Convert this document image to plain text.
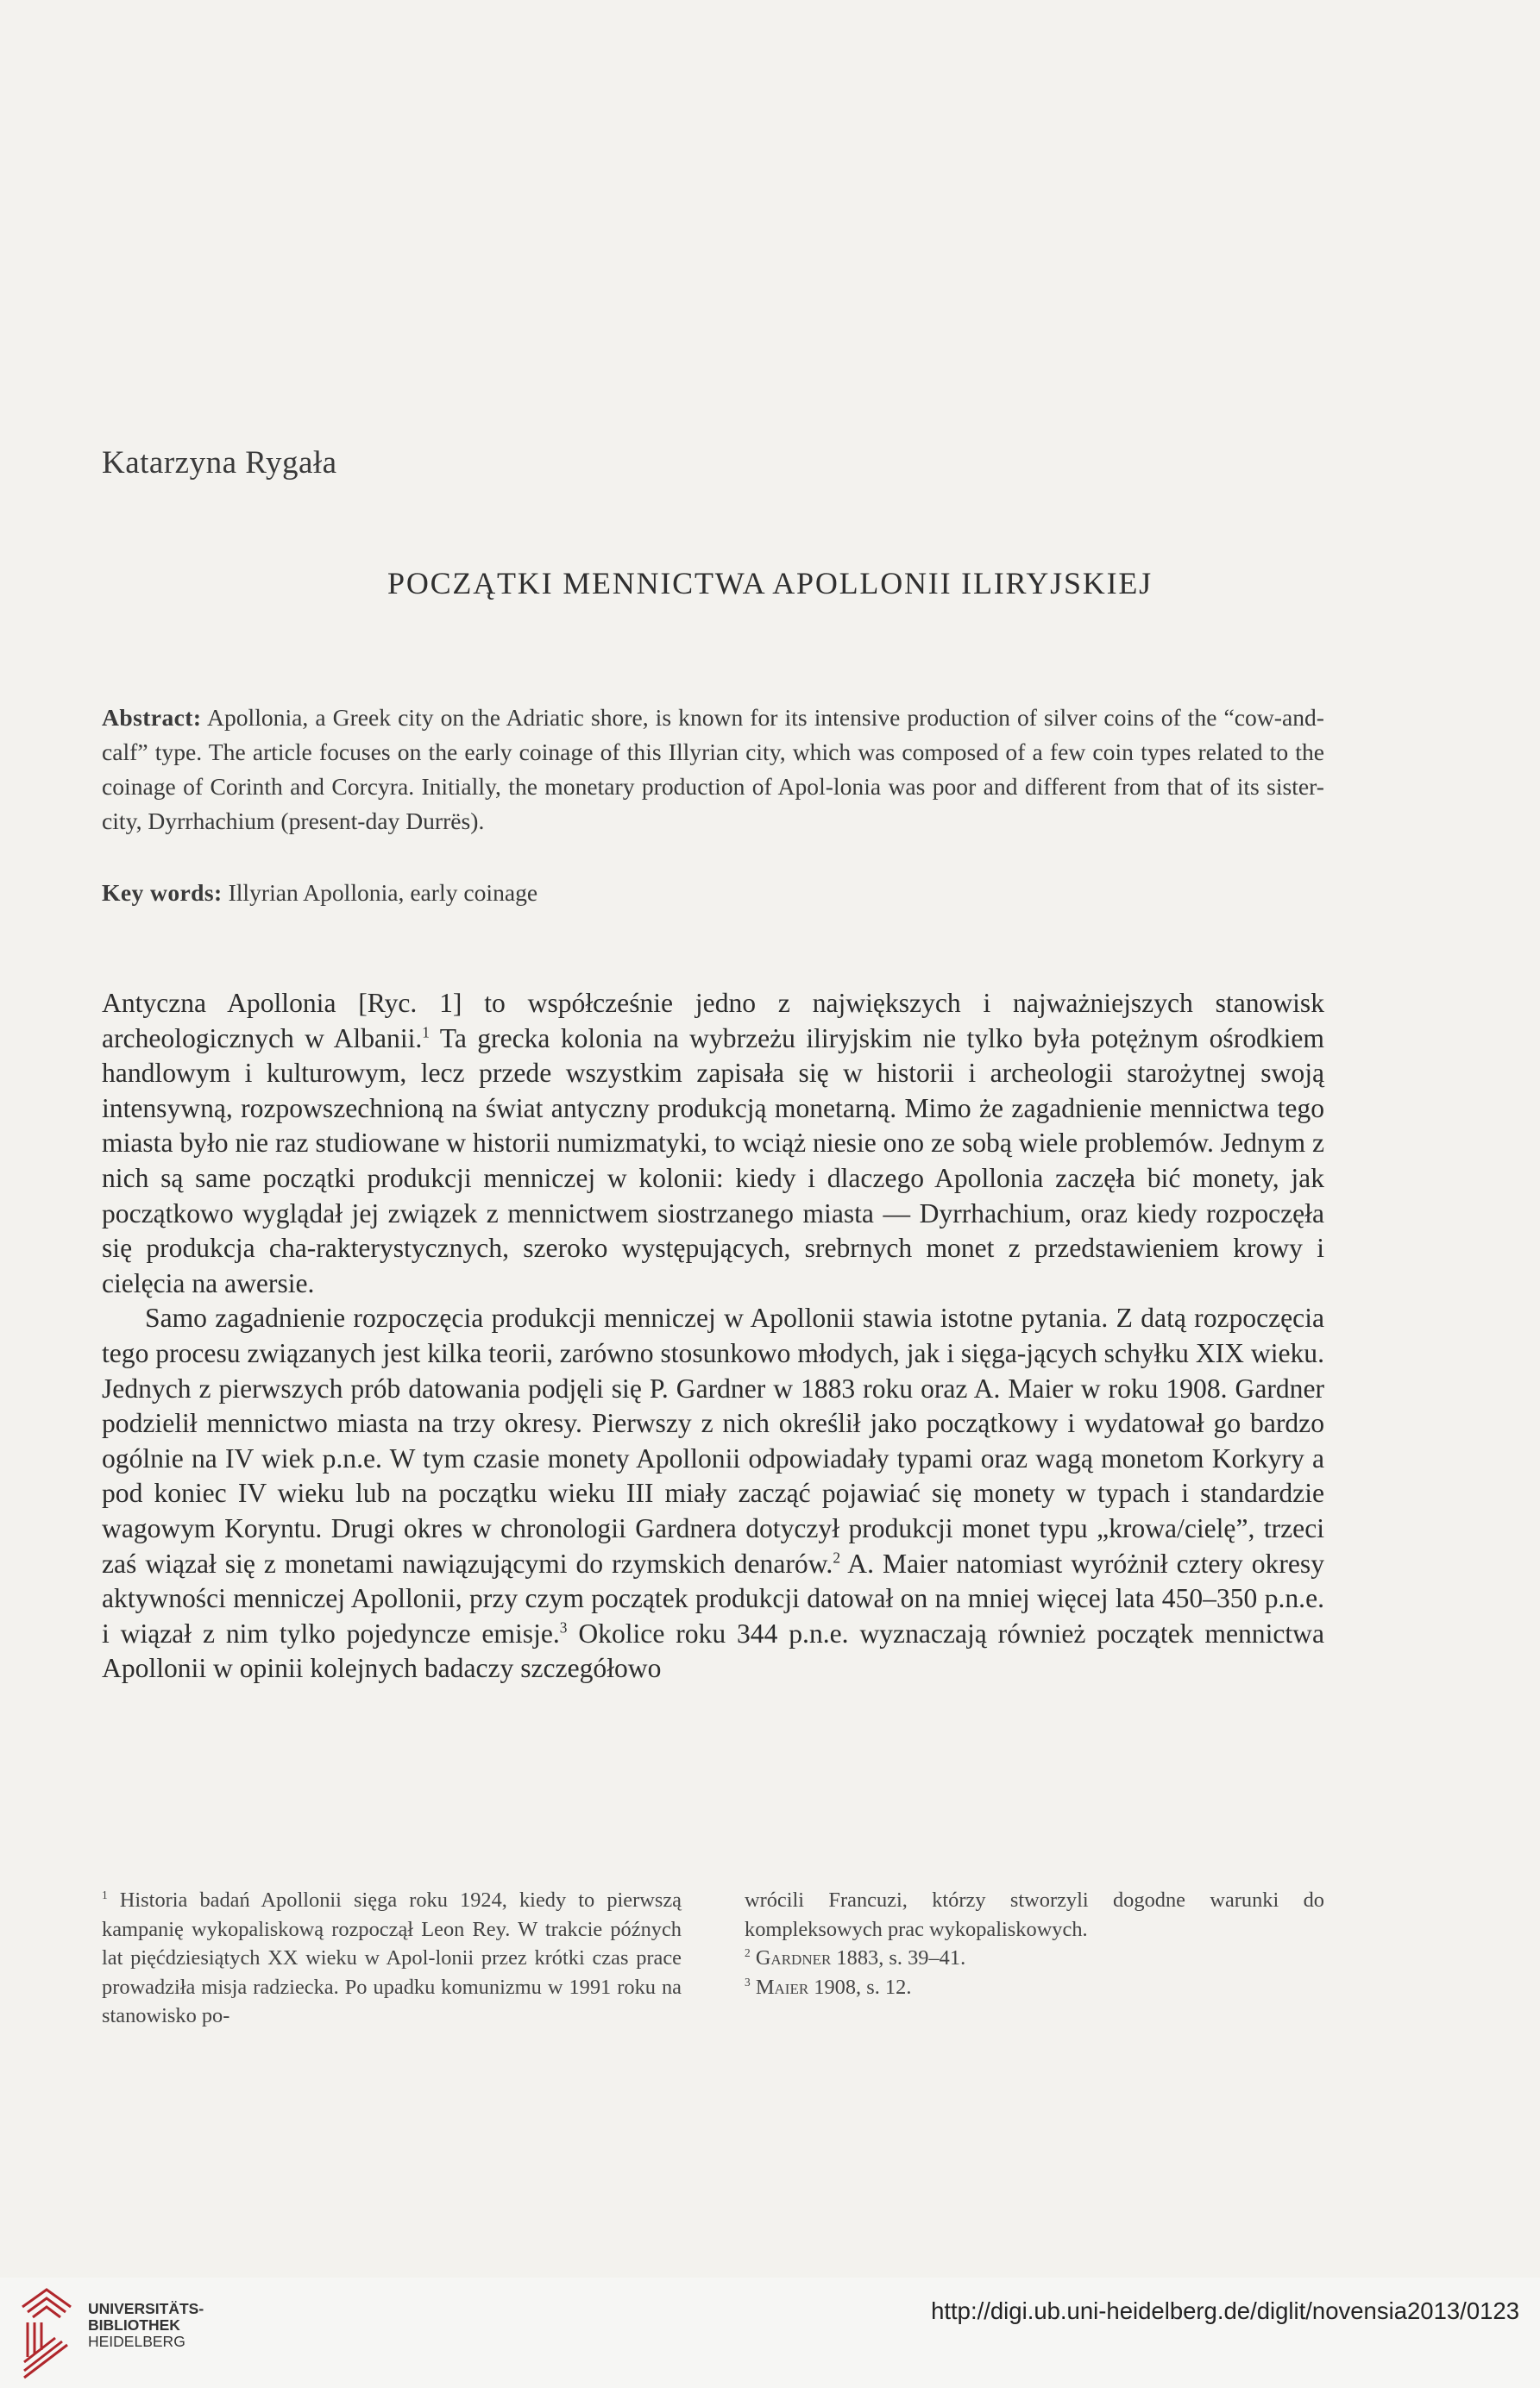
Katarzyna Rygała
POCZĄTKI MENNICTWA APOLLONII ILIRYJSKIEJ
Abstract: Apollonia, a Greek city on the Adriatic shore, is known for its intensive production of silver coins of the “cow-and-calf” type. The article focuses on the early coinage of this Illyrian city, which was composed of a few coin types related to the coinage of Corinth and Corcyra. Initially, the monetary production of Apol-lonia was poor and different from that of its sister-city, Dyrrhachium (present-day Durrës).
Key words: Illyrian Apollonia, early coinage

Antyczna Apollonia [Ryc. 1] to współcześnie jedno z największych i najważniejszych stanowisk archeologicznych w Albanii.$^1$ Ta grecka kolonia na wybrzeżu iliryjskim nie tylko była potężnym ośrodkiem handlowym i kulturowym, lecz przede wszystkim zapisała się w historii i archeologii starożytnej swoją intensywną, rozpowszechnioną na świat antyczny produkcją monetarną. Mimo że zagadnienie mennictwa tego miasta było nie raz studiowane w historii numizmatyki, to wciąż niesie ono ze sobą wiele problemów. Jednym z nich są same początki produkcji menniczej w kolonii: kiedy i dlaczego Apollonia zaczęła bić monety, jak początkowo wyglądał jej związek z mennictwem siostrzanego miasta — Dyrrhachium, oraz kiedy rozpoczęła się produkcja cha-rakterystycznych, szeroko występujących, srebrnych monet z przedstawieniem krowy i cielęcia na awersie.

Samo zagadnienie rozpoczęcia produkcji menniczej w Apollonii stawia istotne pytania. Z datą rozpoczęcia tego procesu związanych jest kilka teorii, zarówno stosunkowo młodych, jak i sięga-jących schyłku XIX wieku. Jednych z pierwszych prób datowania podjęli się P. Gardner w 1883 roku oraz A. Maier w roku 1908. Gardner podzielił mennictwo miasta na trzy okresy. Pierwszy z nich określił jako początkowy i wydatował go bardzo ogólnie na IV wiek p.n.e. W tym czasie monety Apollonii odpowiadały typami oraz wagą monetom Korkyry a pod koniec IV wieku lub na początku wieku III miały zacząć pojawiać się monety w typach i standardzie wagowym Koryntu. Drugi okres w chronologii Gardnera dotyczył produkcji monet typu „krowa/cielę”, trzeci zaś wiązał się z monetami nawiązującymi do rzymskich denarów.$^2$ A. Maier natomiast wyróżnił cztery okresy aktywności menniczej Apollonii, przy czym początek produkcji datował on na mniej więcej lata 450–350 p.n.e. i wiązał z nim tylko pojedyncze emisje.$^3$ Okolice roku 344 p.n.e. wyznaczają również początek mennictwa Apollonii w opinii kolejnych badaczy szczegółowo

$^1$ Historia badań Apollonii sięga roku 1924, kiedy to pierwszą kampanię wykopaliskową rozpoczął Leon Rey. W trakcie późnych lat pięćdziesiątych XX wieku w Apol-lonii przez krótki czas prace prowadziła misja radziecka. Po upadku komunizmu w 1991 roku na stanowisko po-

wrócili Francuzi, którzy stworzyli dogodne warunki do kompleksowych prac wykopaliskowych.

$^2$ Gardner 1883, s. 39–41.

$^3$ Maier 1908, s. 12.

UNIVERSITÄTS-
BIBLIOTHEK
HEIDELBERG
http://digi.ub.uni-heidelberg.de/diglit/novensia2013/0123
